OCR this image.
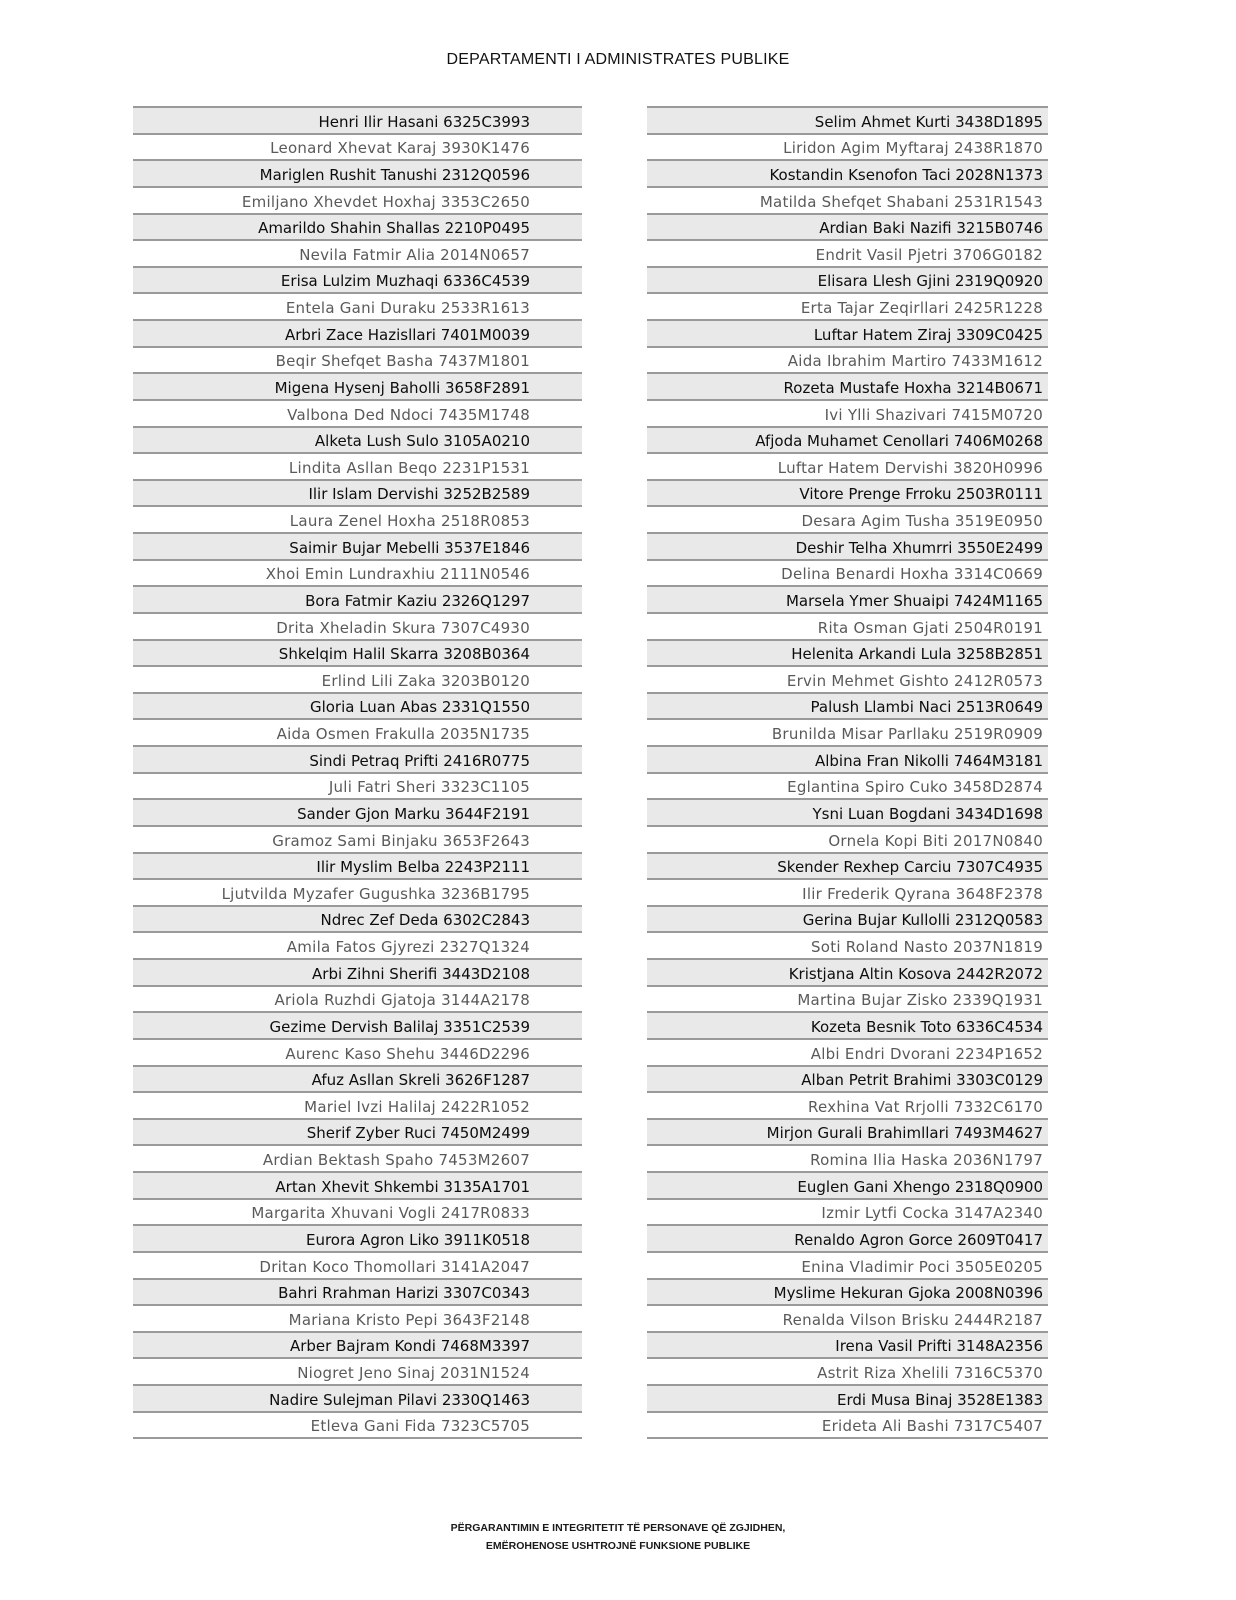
DEPARTAMENTI I ADMINISTRATES PUBLIKE
Henri Ilir Hasani 6325C3993
Leonard Xhevat Karaj 3930K1476
Mariglen Rushit Tanushi 2312Q0596
Emiljano Xhevdet Hoxhaj 3353C2650
Amarildo Shahin Shallas 2210P0495
Nevila Fatmir Alia 2014N0657
Erisa Lulzim Muzhaqi 6336C4539
Entela Gani Duraku 2533R1613
Arbri Zace Hazisllari 7401M0039
Beqir Shefqet Basha 7437M1801
Migena Hysenj Baholli 3658F2891
Valbona Ded Ndoci 7435M1748
Alketa Lush Sulo 3105A0210
Lindita Asllan Beqo 2231P1531
Ilir Islam Dervishi 3252B2589
Laura Zenel Hoxha 2518R0853
Saimir Bujar Mebelli 3537E1846
Xhoi Emin Lundraxhiu 2111N0546
Bora Fatmir Kaziu 2326Q1297
Drita Xheladin Skura 7307C4930
Shkelqim Halil Skarra 3208B0364
Erlind Lili Zaka 3203B0120
Gloria Luan Abas 2331Q1550
Aida Osmen Frakulla 2035N1735
Sindi Petraq Prifti 2416R0775
Juli Fatri Sheri 3323C1105
Sander Gjon Marku 3644F2191
Gramoz Sami Binjaku 3653F2643
Ilir Myslim Belba 2243P2111
Ljutvilda Myzafer Gugushka 3236B1795
Ndrec Zef Deda 6302C2843
Amila Fatos Gjyrezi 2327Q1324
Arbi Zihni Sherifi 3443D2108
Ariola Ruzhdi Gjatoja 3144A2178
Gezime Dervish Balilaj 3351C2539
Aurenc Kaso Shehu 3446D2296
Afuz Asllan Skreli 3626F1287
Mariel Ivzi Halilaj 2422R1052
Sherif Zyber Ruci 7450M2499
Ardian Bektash Spaho 7453M2607
Artan Xhevit Shkembi 3135A1701
Margarita Xhuvani Vogli 2417R0833
Eurora Agron Liko 3911K0518
Dritan Koco Thomollari 3141A2047
Bahri Rrahman Harizi 3307C0343
Mariana Kristo Pepi 3643F2148
Arber Bajram Kondi 7468M3397
Niogret Jeno Sinaj 2031N1524
Nadire Sulejman Pilavi 2330Q1463
Etleva Gani Fida 7323C5705
Selim Ahmet Kurti 3438D1895
Liridon Agim Myftaraj 2438R1870
Kostandin Ksenofon Taci 2028N1373
Matilda Shefqet Shabani 2531R1543
Ardian Baki Nazifi 3215B0746
Endrit Vasil Pjetri 3706G0182
Elisara Llesh Gjini 2319Q0920
Erta Tajar Zeqirllari 2425R1228
Luftar Hatem Ziraj 3309C0425
Aida Ibrahim Martiro 7433M1612
Rozeta Mustafe Hoxha 3214B0671
Ivi Ylli Shazivari 7415M0720
Afjoda Muhamet Cenollari 7406M0268
Luftar Hatem Dervishi 3820H0996
Vitore Prenge Frroku 2503R0111
Desara Agim Tusha 3519E0950
Deshir Telha Xhumrri 3550E2499
Delina Benardi Hoxha 3314C0669
Marsela Ymer Shuaipi 7424M1165
Rita Osman Gjati 2504R0191
Helenita Arkandi Lula 3258B2851
Ervin Mehmet Gishto 2412R0573
Palush Llambi Naci 2513R0649
Brunilda Misar Parllaku 2519R0909
Albina Fran Nikolli 7464M3181
Eglantina Spiro Cuko 3458D2874
Ysni Luan Bogdani 3434D1698
Ornela Kopi Biti 2017N0840
Skender Rexhep Carciu 7307C4935
Ilir Frederik Qyrana 3648F2378
Gerina Bujar Kullolli 2312Q0583
Soti Roland Nasto 2037N1819
Kristjana Altin Kosova 2442R2072
Martina Bujar Zisko 2339Q1931
Kozeta Besnik Toto 6336C4534
Albi Endri Dvorani 2234P1652
Alban Petrit Brahimi 3303C0129
Rexhina Vat Rrjolli 7332C6170
Mirjon Gurali Brahimllari 7493M4627
Romina Ilia Haska 2036N1797
Euglen Gani Xhengo 2318Q0900
Izmir Lytfi Cocka 3147A2340
Renaldo Agron Gorce 2609T0417
Enina Vladimir Poci 3505E0205
Myslime Hekuran Gjoka 2008N0396
Renalda Vilson Brisku 2444R2187
Irena Vasil Prifti 3148A2356
Astrit Riza Xhelili 7316C5370
Erdi Musa Binaj 3528E1383
Erideta Ali Bashi 7317C5407
PËRGARANTIMIN E INTEGRITETIT TË PERSONAVE QË ZGJIDHEN,
EMËROHENOSE USHTROJNË FUNKSIONE PUBLIKE
